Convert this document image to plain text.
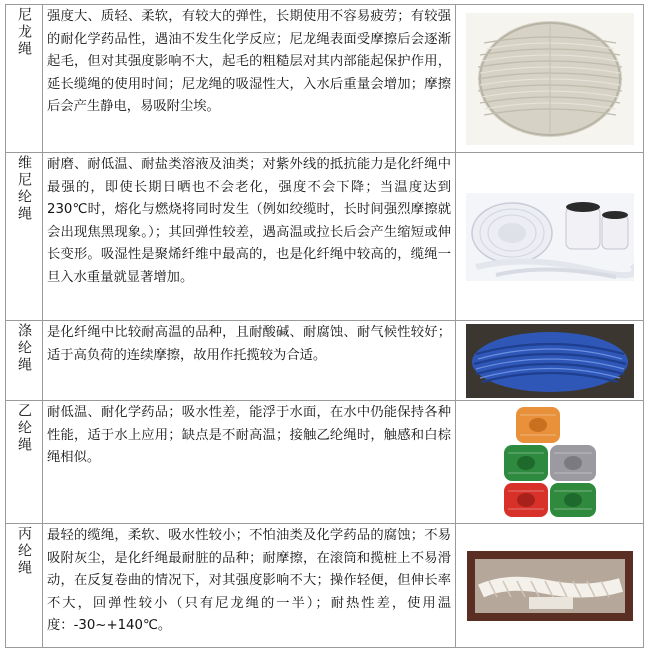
尼龙绳	强度大、质轻、柔软，有较大的弹性，长期使用不容易疲劳；有较强的耐化学药品性，遇油不发生化学反应；尼龙绳表面受摩擦后会逐渐起毛，但对其强度影响不大，起毛的粗糙层对其内部能起保护作用，延长缆绳的使用时间；尼龙绳的吸湿性大，入水后重量会增加；摩擦后会产生静电，易吸附尘埃。	

维尼纶绳	耐磨、耐低温、耐盐类溶液及油类；对紫外线的抵抗能力是化纤绳中最强的，即使长期日晒也不会老化，强度不会下降；当温度达到230℃时，熔化与燃烧将同时发生（例如绞缆时，长时间强烈摩擦就会出现焦黑现象。）；其回弹性较差，遇高温或拉长后会产生缩短或伸长变形。吸湿性是聚烯纤维中最高的，也是化纤绳中较高的，缆绳一旦入水重量就显著增加。	

涤纶绳	是化纤绳中比较耐高温的品种，且耐酸碱、耐腐蚀、耐气候性较好；适于高负荷的连续摩擦，故用作托揽较为合适。	

乙纶绳	耐低温、耐化学药品；吸水性差，能浮于水面，在水中仍能保持各种性能，适于水上应用；缺点是不耐高温；接触乙纶绳时，触感和白棕绳相似。	

丙纶绳	最轻的缆绳，柔软、吸水性较小；不怕油类及化学药品的腐蚀；不易吸附灰尘，是化纤绳最耐脏的品种；耐摩擦，在滚筒和揽桩上不易滑动，在反复卷曲的情况下，对其强度影响不大；操作轻便，但伸长率不大，回弹性较小（只有尼龙绳的一半）；耐热性差，使用温度：-30~+140℃。	
